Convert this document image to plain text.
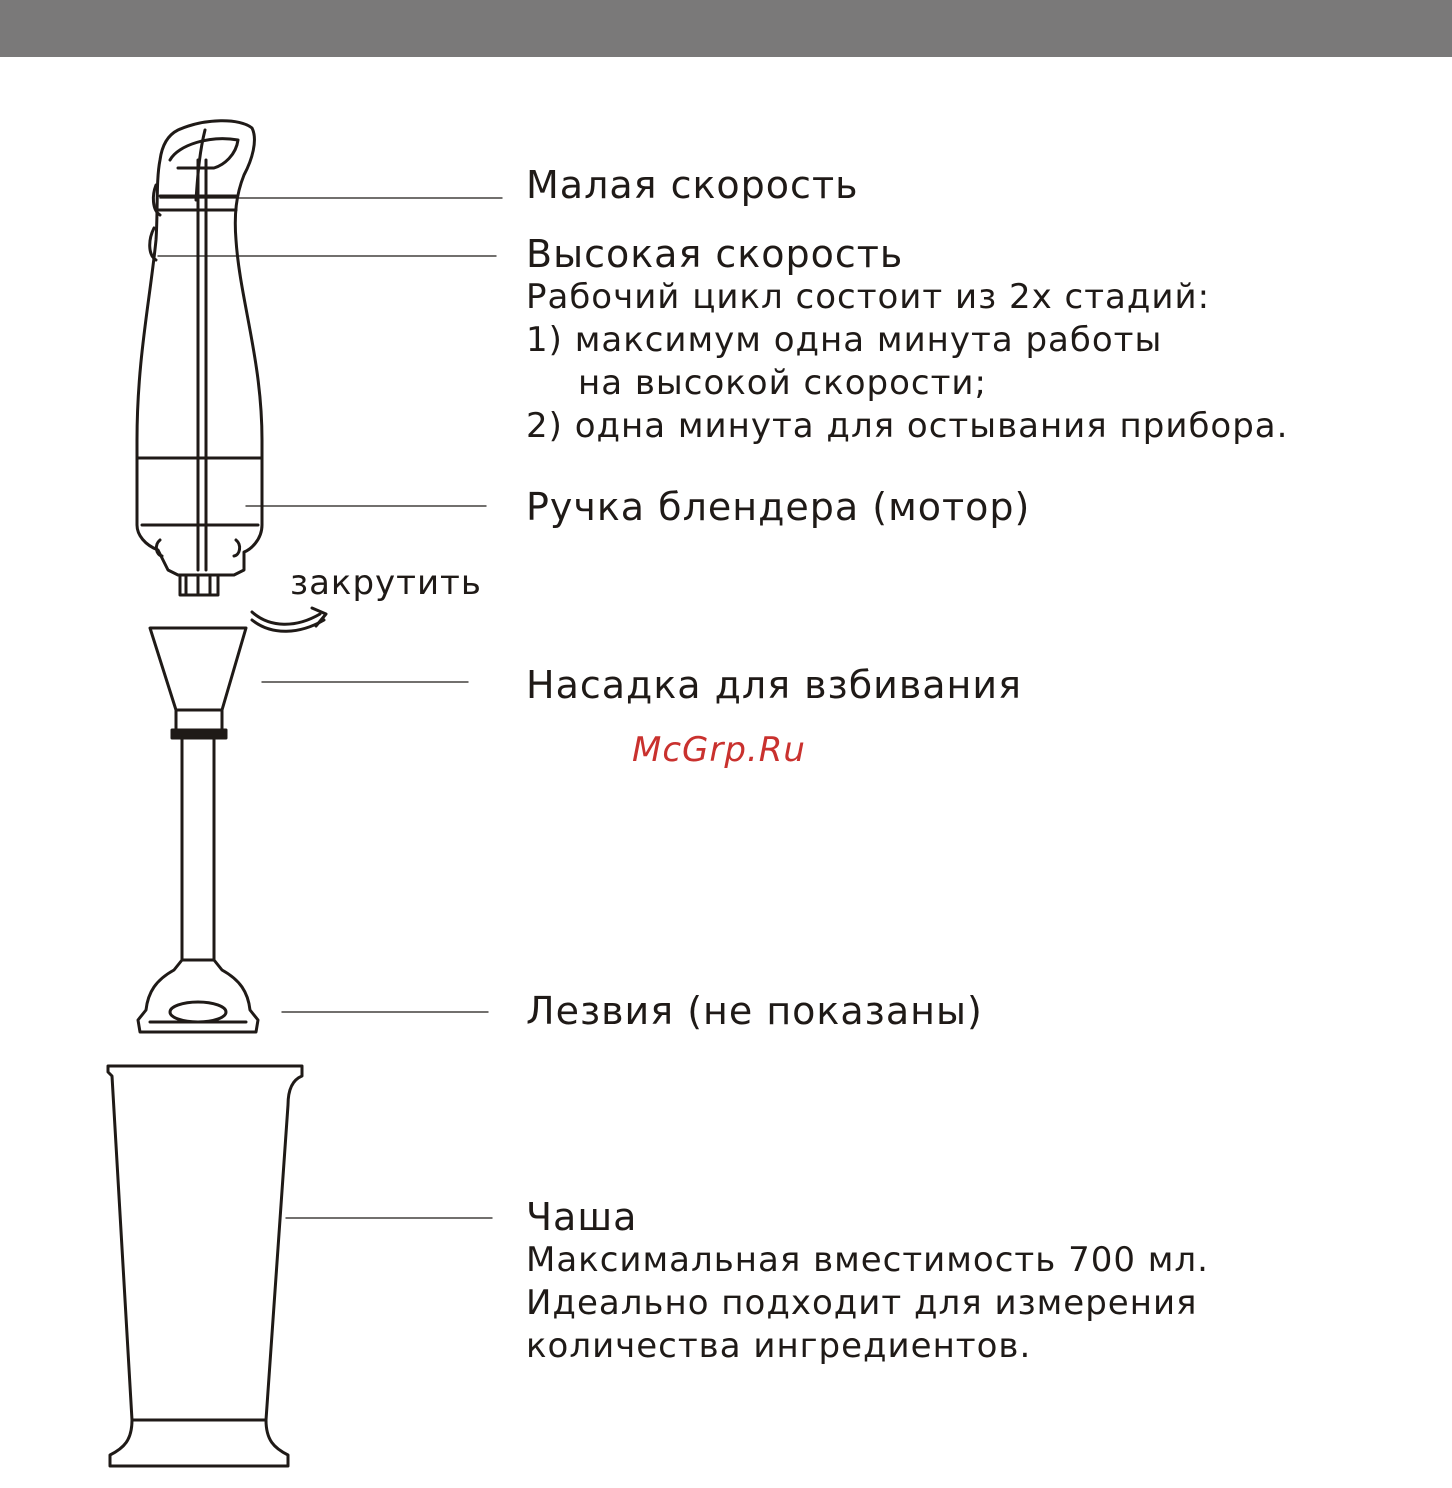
Малая скорость
Высокая скорость
Рабочий цикл состоит из 2х стадий:
1) максимум одна минута работы
на высокой скорости;
2) одна минута для остывания прибора.
Ручка блендера (мотор)
закрутить
Насадка для взбивания
McGrp.Ru
Лезвия (не показаны)
Чаша
Максимальная вместимость 700 мл.
Идеально подходит для измерения
количества ингредиентов.
